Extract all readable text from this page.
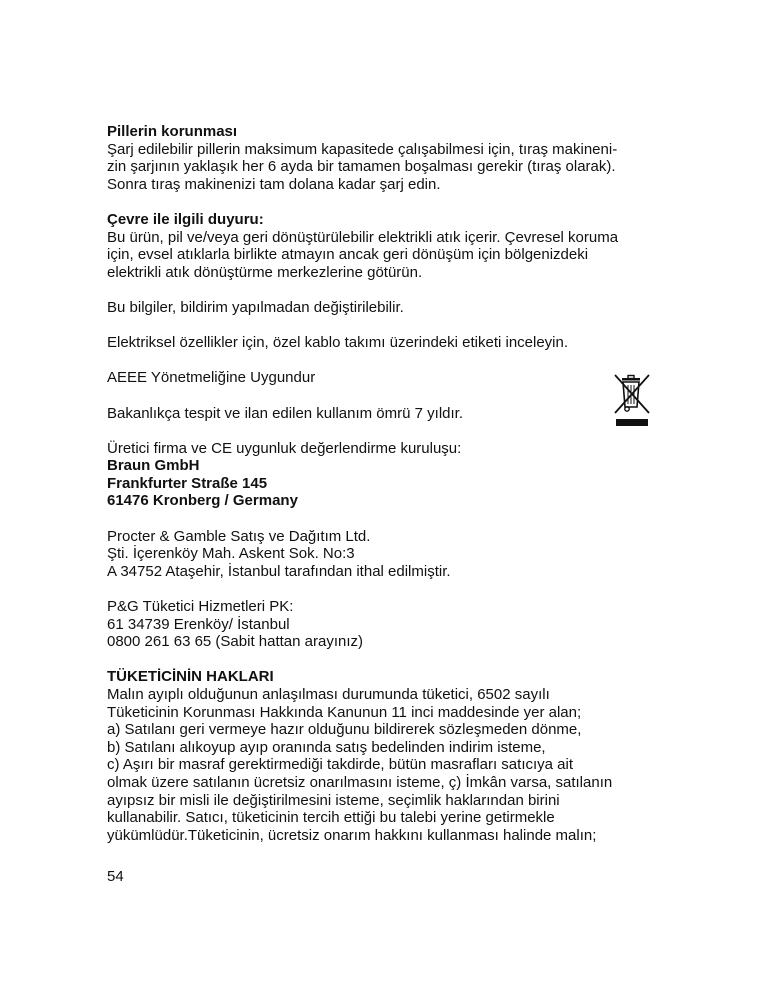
Pillerin korunması
Şarj edilebilir pillerin maksimum kapasitede çalışabilmesi için, tıraş makineni-
zin şarjının yaklaşık her 6 ayda bir tamamen boşalması gerekir (tıraş olarak).
Sonra tıraş makinenizi tam dolana kadar şarj edin.
Çevre ile ilgili duyuru:
Bu ürün, pil ve/veya geri dönüştürülebilir elektrikli atık içerir. Çevresel koruma
için, evsel atıklarla birlikte atmayın ancak geri dönüşüm için bölgenizdeki
elektrikli atık dönüştürme merkezlerine götürün.
Bu bilgiler, bildirim yapılmadan değiştirilebilir.
Elektriksel özellikler için, özel kablo takımı üzerindeki etiketi inceleyin.
AEEE Yönetmeliğine Uygundur
Bakanlıkça tespit ve ilan edilen kullanım ömrü 7 yıldır.
Üretici firma ve CE uygunluk değerlendirme kuruluşu:
Braun GmbH
Frankfurter Straße 145
61476 Kronberg / Germany
Procter & Gamble Satış ve Dağıtım Ltd.
Şti. İçerenköy Mah. Askent Sok. No:3
A 34752 Ataşehir, İstanbul tarafından ithal edilmiştir.
P&G Tüketici Hizmetleri PK:
61 34739 Erenköy/ İstanbul
0800 261 63 65 (Sabit hattan arayınız)
TÜKETİCİNİN HAKLARI
Malın ayıplı olduğunun anlaşılması durumunda tüketici, 6502 sayılı
Tüketicinin Korunması Hakkında Kanunun 11 inci maddesinde yer alan;
a) Satılanı geri vermeye hazır olduğunu bildirerek sözleşmeden dönme,
b) Satılanı alıkoyup ayıp oranında satış bedelinden indirim isteme,
c) Aşırı bir masraf gerektirmediği takdirde, bütün masrafları satıcıya ait
olmak üzere satılanın ücretsiz onarılmasını isteme, ç) İmkân varsa, satılanın
ayıpsız bir misli ile değiştirilmesini isteme, seçimlik haklarından birini
kullanabilir. Satıcı, tüketicinin tercih ettiği bu talebi yerine getirmekle
yükümlüdür.Tüketicinin, ücretsiz onarım hakkını kullanması halinde malın;
54
